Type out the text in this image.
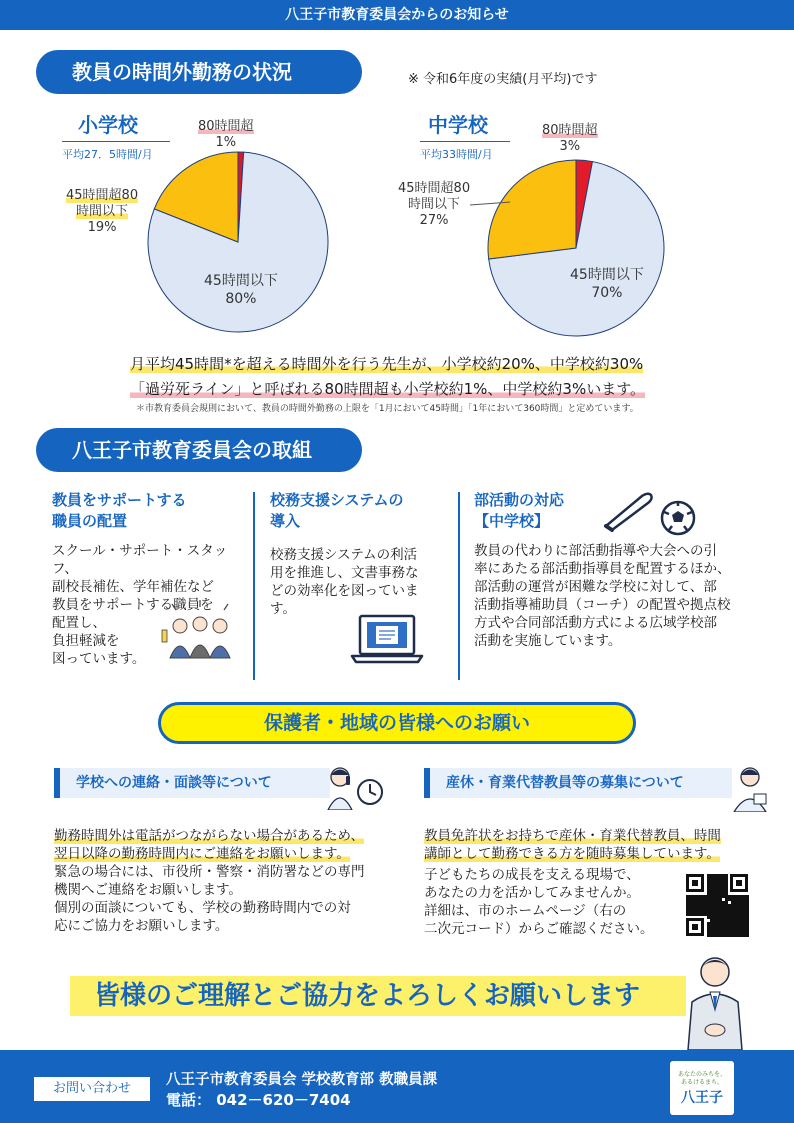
八王子市教育委員会からのお知らせ
教員の時間外勤務の状況	※ 令和6年度の実績(月平均)です
小学校
平均27．5時間/月
80時間超
1%
45時間超80
時間以下
19%
45時間以下
80%
中学校
平均33時間/月
80時間超
3%
45時間超80
時間以下
27%
45時間以下
70%
月平均45時間*を超える時間外を行う先生が、小学校約20%、中学校約30%
「過労死ライン」と呼ばれる80時間超も小学校約1%、中学校約3%います。
＊市教育委員会規則において、教員の時間外勤務の上限を「1月において45時間」「1年において360時間」と定めています。
八王子市教育委員会の取組
教員をサポートする
職員の配置
スクール・サポート・スタッフ、
副校長補佐、学年補佐など
教員をサポートする職員を
配置し、
負担軽減を
図っています。
校務支援システムの
導入
校務支援システムの利活
用を推進し、文書事務な
どの効率化を図っていま
す。
部活動の対応
【中学校】
教員の代わりに部活動指導や大会への引
率にあたる部活動指導員を配置するほか、
部活動の運営が困難な学校に対して、部
活動指導補助員（コーチ）の配置や拠点校
方式や合同部活動方式による広域学校部
活動を実施しています。
保護者・地域の皆様へのお願い
学校への連絡・面談等について
勤務時間外は電話がつながらない場合があるため、
翌日以降の勤務時間内にご連絡をお願いします。
緊急の場合には、市役所・警察・消防署などの専門
機関へご連絡をお願いします。
個別の面談についても、学校の勤務時間内での対
応にご協力をお願いします。
産休・育業代替教員等の募集について
教員免許状をお持ちで産休・育業代替教員、時間
講師として勤務できる方を随時募集しています。
子どもたちの成長を支える現場で、
あなたの力を活かしてみませんか。
詳細は、市のホームページ（右の
二次元コード）からご確認ください。
皆様のご理解とご協力をよろしくお願いします
お問い合わせ
八王子市教育委員会 学校教育部 教職員課
電話： 042－620－7404
あなたのみちを、
あるけるまち。
八王子
